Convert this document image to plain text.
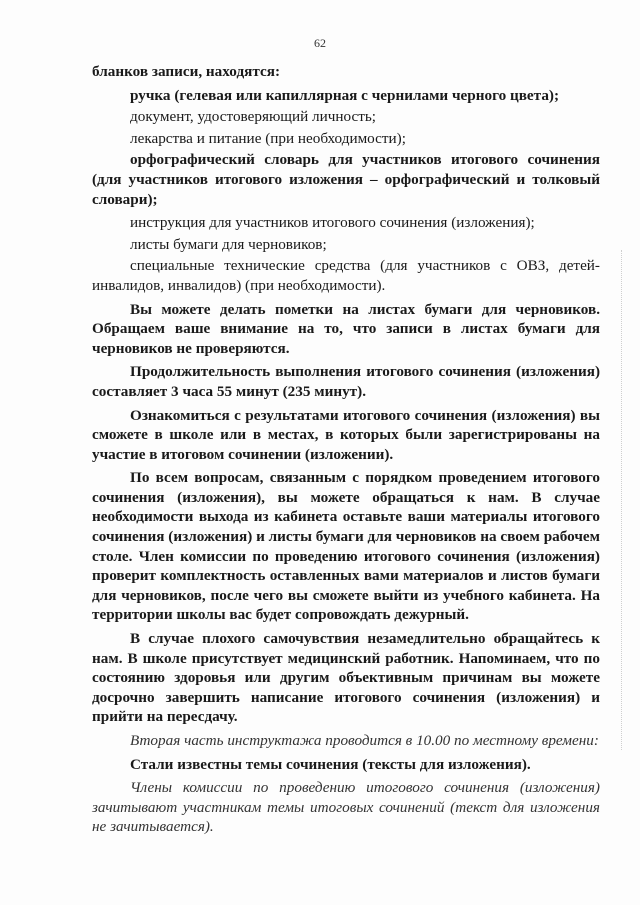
62

бланков записи, находятся:

ручка (гелевая или капиллярная с чернилами черного цвета);

документ, удостоверяющий личность;

лекарства и питание (при необходимости);

орфографический словарь для участников итогового сочинения (для участников итогового изложения – орфографический и толковый словари);

инструкция для участников итогового сочинения (изложения);

листы бумаги для черновиков;

специальные технические средства (для участников с ОВЗ, детей-инвалидов, инвалидов) (при необходимости).

Вы можете делать пометки на листах бумаги для черновиков. Обращаем ваше внимание на то, что записи в листах бумаги для черновиков не проверяются.

Продолжительность выполнения итогового сочинения (изложения) составляет 3 часа 55 минут (235 минут).

Ознакомиться с результатами итогового сочинения (изложения) вы сможете в школе или в местах, в которых были зарегистрированы на участие в итоговом сочинении (изложении).

По всем вопросам, связанным с порядком проведением итогового сочинения (изложения), вы можете обращаться к нам. В случае необходимости выхода из кабинета оставьте ваши материалы итогового сочинения (изложения) и листы бумаги для черновиков на своем рабочем столе. Член комиссии по проведению итогового сочинения (изложения) проверит комплектность оставленных вами материалов и листов бумаги для черновиков, после чего вы сможете выйти из учебного кабинета. На территории школы вас будет сопровождать дежурный.

В случае плохого самочувствия незамедлительно обращайтесь к нам. В школе присутствует медицинский работник. Напоминаем, что по состоянию здоровья или другим объективным причинам вы можете досрочно завершить написание итогового сочинения (изложения) и прийти на пересдачу.

Вторая часть инструктажа проводится в 10.00 по местному времени:

Стали известны темы сочинения (тексты для изложения).

Члены комиссии по проведению итогового сочинения (изложения) зачитывают участникам темы итоговых сочинений (текст для изложения не зачитывается).
